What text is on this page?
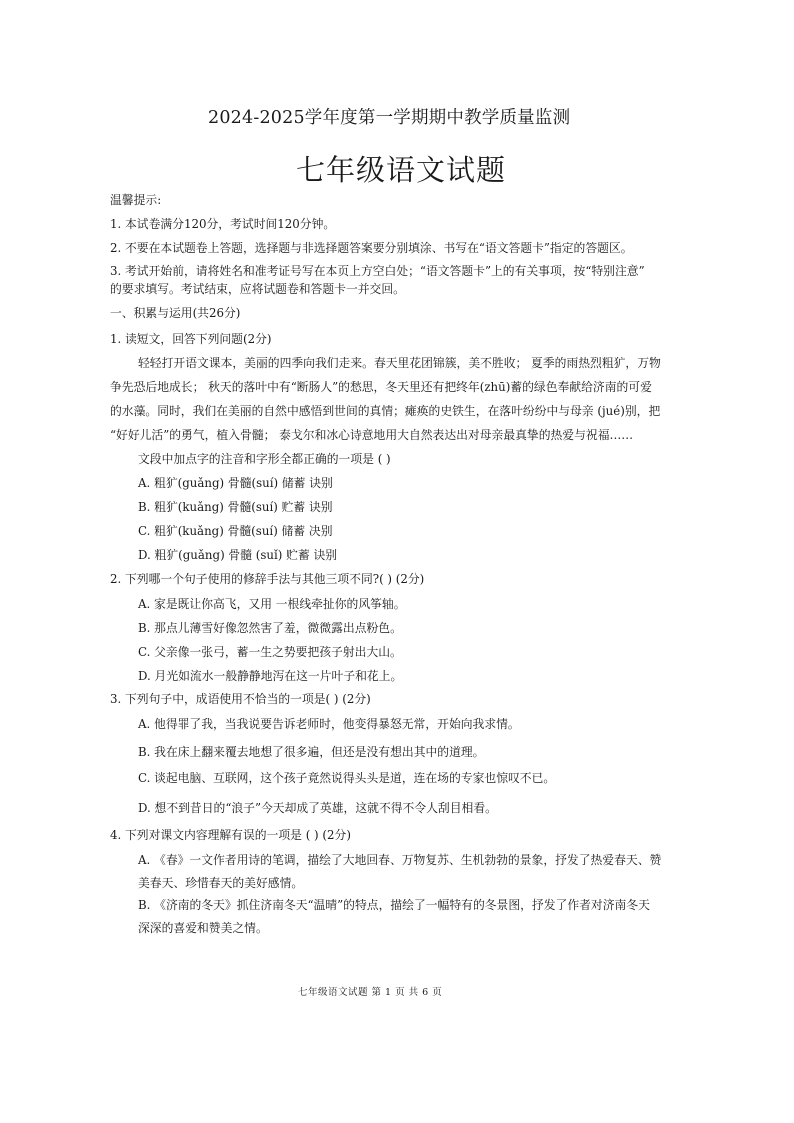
2024-2025学年度第一学期期中教学质量监测
七年级语文试题
温馨提示:
1. 本试卷满分120分，考试时间120分钟。
2. 不要在本试题卷上答题，选择题与非选择题答案要分别填涂、书写在“语文答题卡”指定的答题区。
3. 考试开始前，请将姓名和准考证号写在本页上方空白处；“语文答题卡”上的有关事项，按“特别注意”
的要求填写。考试结束，应将试题卷和答题卡一并交回。
一、积累与运用(共26分)
1. 读短文，回答下列问题(2分)
轻轻打开语文课本，美丽的四季向我们走来。春天里花团锦簇，美不胜收； 夏季的雨热烈粗犷，万物
争先恐后地成长； 秋天的落叶中有“断肠人”的愁思，冬天里还有把终年(zhū)蓄的绿色奉献给济南的可爱
的水藻。同时，我们在美丽的自然中感悟到世间的真情；瘫痪的史铁生，在落叶纷纷中与母亲 (jué)别，把
“好好儿活”的勇气，植入骨髓； 泰戈尔和冰心诗意地用大自然表达出对母亲最真挚的热爱与祝福……
文段中加点字的注音和字形全都正确的一项是 ( )
A. 粗犷(guǎng) 骨髓(suí) 储蓄 诀别
B. 粗犷(kuǎng) 骨髓(suí) 贮蓄 诀别
C. 粗犷(kuǎng) 骨髓(suí) 储蓄 决别
D. 粗犷(guǎng) 骨髓 (suǐ) 贮蓄 诀别
2. 下列哪一个句子使用的修辞手法与其他三项不同?( ) (2分)
A. 家是既让你高飞，又用 一根线牵扯你的风筝轴。
B. 那点儿薄雪好像忽然害了羞，微微露出点粉色。
C. 父亲像一张弓，蓄一生之势要把孩子射出大山。
D. 月光如流水一般静静地泻在这一片叶子和花上。
3. 下列句子中，成语使用不恰当的一项是( ) (2分)
A. 他得罪了我，当我说要告诉老师时，他变得暴怒无常，开始向我求情。
B. 我在床上翻来覆去地想了很多遍，但还是没有想出其中的道理。
C. 谈起电脑、互联网，这个孩子竟然说得头头是道，连在场的专家也惊叹不已。
D. 想不到昔日的“浪子”今天却成了英雄，这就不得不令人刮目相看。
4. 下列对课文内容理解有误的一项是 ( ) (2分)
A. 《春》一文作者用诗的笔调，描绘了大地回春、万物复苏、生机勃勃的景象，抒发了热爱春天、赞
美春天、珍惜春天的美好感情。
B. 《济南的冬天》抓住济南冬天“温晴”的特点，描绘了一幅特有的冬景图，抒发了作者对济南冬天
深深的喜爱和赞美之情。
七年级语文试题 第 1 页 共 6 页
